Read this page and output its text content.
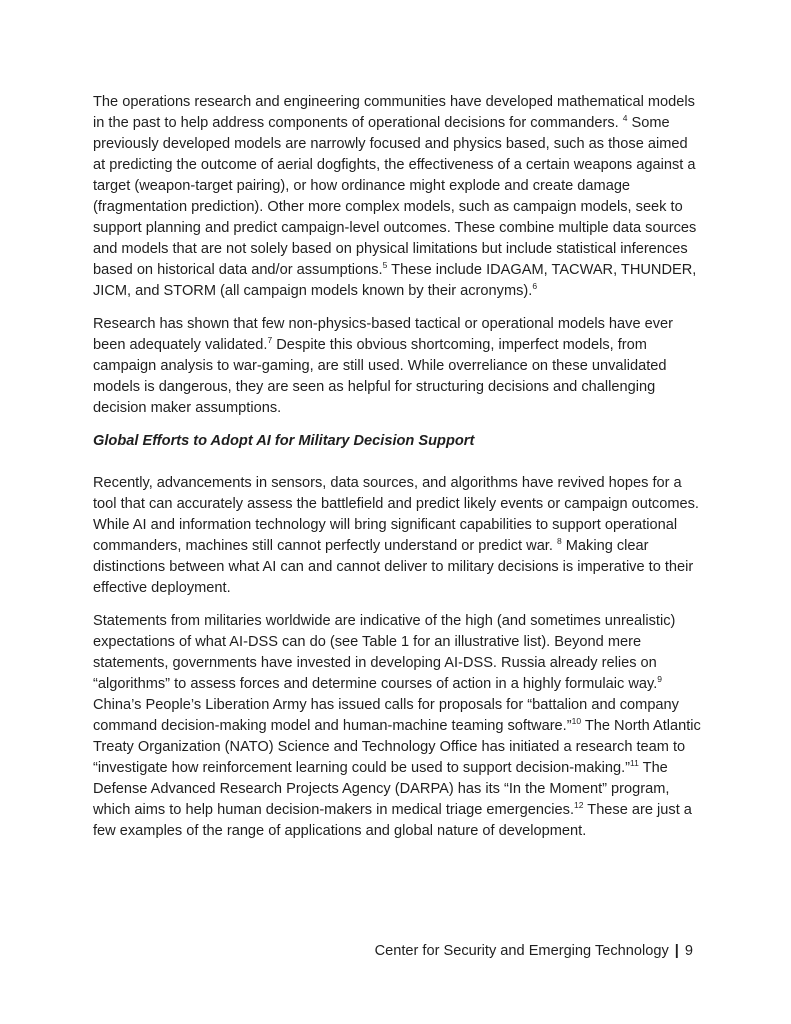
The operations research and engineering communities have developed mathematical models in the past to help address components of operational decisions for commanders. $^4$ Some previously developed models are narrowly focused and physics based, such as those aimed at predicting the outcome of aerial dogfights, the effectiveness of a certain weapons against a target (weapon-target pairing), or how ordinance might explode and create damage (fragmentation prediction). Other more complex models, such as campaign models, seek to support planning and predict campaign-level outcomes. These combine multiple data sources and models that are not solely based on physical limitations but include statistical inferences based on historical data and/or assumptions.$^5$ These include IDAGAM, TACWAR, THUNDER, JICM, and STORM (all campaign models known by their acronyms).$^6$

Research has shown that few non-physics-based tactical or operational models have ever been adequately validated.$^7$ Despite this obvious shortcoming, imperfect models, from campaign analysis to war-gaming, are still used. While overreliance on these unvalidated models is dangerous, they are seen as helpful for structuring decisions and challenging decision maker assumptions.

Global Efforts to Adopt AI for Military Decision Support

Recently, advancements in sensors, data sources, and algorithms have revived hopes for a tool that can accurately assess the battlefield and predict likely events or campaign outcomes. While AI and information technology will bring significant capabilities to support operational commanders, machines still cannot perfectly understand or predict war. $^8$ Making clear distinctions between what AI can and cannot deliver to military decisions is imperative to their effective deployment.

Statements from militaries worldwide are indicative of the high (and sometimes unrealistic) expectations of what AI-DSS can do (see Table 1 for an illustrative list). Beyond mere statements, governments have invested in developing AI-DSS. Russia already relies on “algorithms” to assess forces and determine courses of action in a highly formulaic way.$^9$ China’s People’s Liberation Army has issued calls for proposals for “battalion and company command decision-making model and human-machine teaming software.”$^{10}$ The North Atlantic Treaty Organization (NATO) Science and Technology Office has initiated a research team to “investigate how reinforcement learning could be used to support decision-making.”$^{11}$ The Defense Advanced Research Projects Agency (DARPA) has its “In the Moment” program, which aims to help human decision-makers in medical triage emergencies.$^{12}$ These are just a few examples of the range of applications and global nature of development.

Center for Security and Emerging Technology | 9
